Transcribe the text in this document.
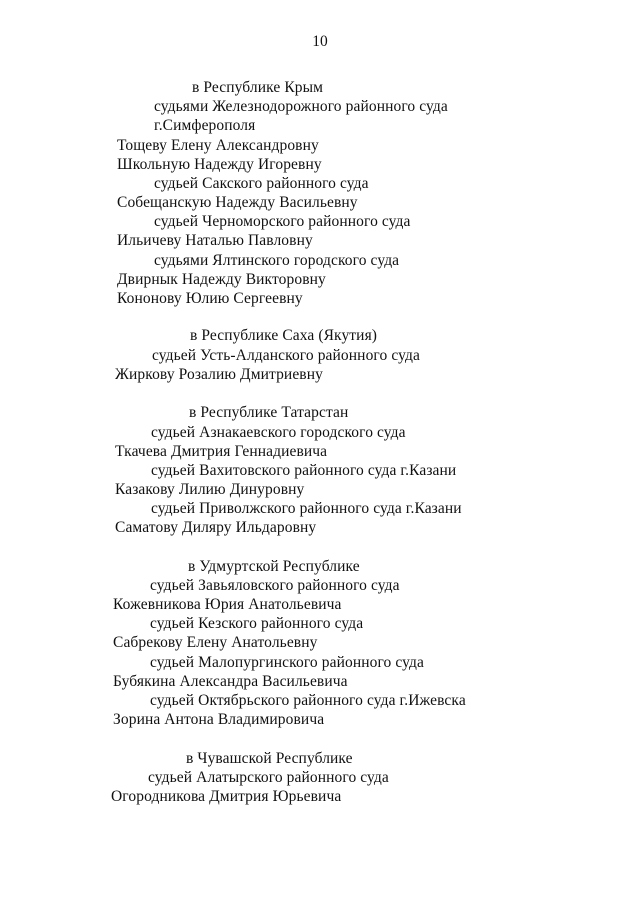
10
в Республике Крым
судьями Железнодорожного районного суда
г.Симферополя
Тощеву Елену Александровну
Школьную Надежду Игоревну
судьей Сакского районного суда
Собещанскую Надежду Васильевну
судьей Черноморского районного суда
Ильичеву Наталью Павловну
судьями Ялтинского городского суда
Двирнык Надежду Викторовну
Кононову Юлию Сергеевну
в Республике Саха (Якутия)
судьей Усть-Алданского районного суда
Жиркову Розалию Дмитриевну
в Республике Татарстан
судьей Азнакаевского городского суда
Ткачева Дмитрия Геннадиевича
судьей Вахитовского районного суда г.Казани
Казакову Лилию Динуровну
судьей Приволжского районного суда г.Казани
Саматову Диляру Ильдаровну
в Удмуртской Республике
судьей Завьяловского районного суда
Кожевникова Юрия Анатольевича
судьей Кезского районного суда
Сабрекову Елену Анатольевну
судьей Малопургинского районного суда
Бубякина Александра Васильевича
судьей Октябрьского районного суда г.Ижевска
Зорина Антона Владимировича
в Чувашской Республике
судьей Алатырского районного суда
Огородникова Дмитрия Юрьевича
